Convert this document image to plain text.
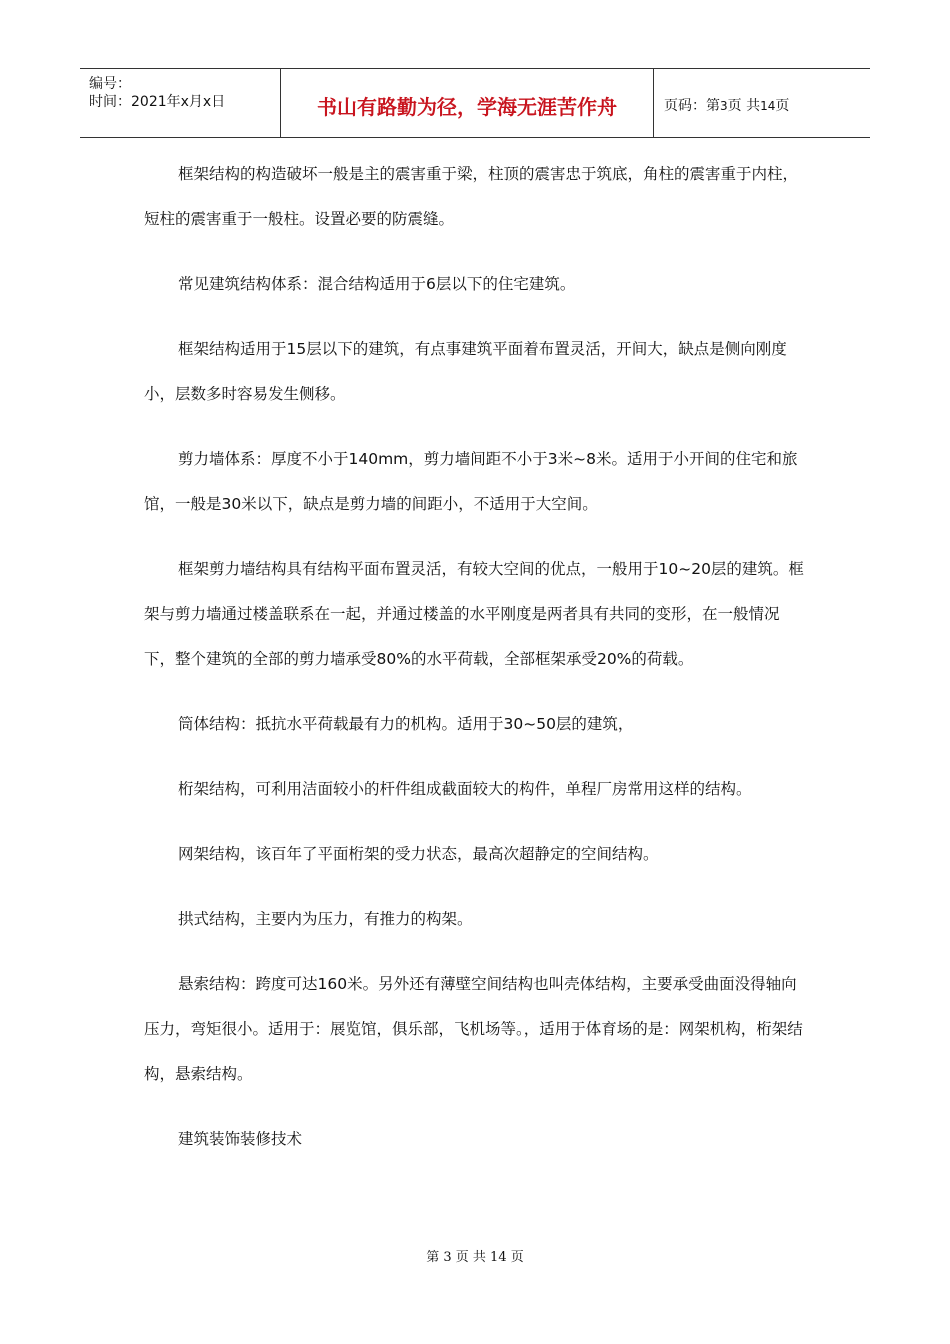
编号：
时间：2021年x月x日	书山有路勤为径，学海无涯苦作舟	页码：第3页 共14页

框架结构的构造破坏一般是主的震害重于梁，柱顶的震害忠于筑底，角柱的震害重于内柱，短柱的震害重于一般柱。设置必要的防震缝。

常见建筑结构体系：混合结构适用于6层以下的住宅建筑。

框架结构适用于15层以下的建筑，有点事建筑平面着布置灵活，开间大，缺点是侧向刚度小，层数多时容易发生侧移。

剪力墙体系：厚度不小于140mm，剪力墙间距不小于3米~8米。适用于小开间的住宅和旅馆，一般是30米以下，缺点是剪力墙的间距小，不适用于大空间。

框架剪力墙结构具有结构平面布置灵活，有较大空间的优点，一般用于10~20层的建筑。框架与剪力墙通过楼盖联系在一起，并通过楼盖的水平刚度是两者具有共同的变形，在一般情况下，整个建筑的全部的剪力墙承受80%的水平荷载，全部框架承受20%的荷载。

筒体结构：抵抗水平荷载最有力的机构。适用于30~50层的建筑，

桁架结构，可利用洁面较小的杆件组成截面较大的构件，单程厂房常用这样的结构。

网架结构，该百年了平面桁架的受力状态，最高次超静定的空间结构。

拱式结构，主要内为压力，有推力的构架。

悬索结构：跨度可达160米。另外还有薄壁空间结构也叫壳体结构，主要承受曲面没得轴向压力，弯矩很小。适用于：展览馆，俱乐部，飞机场等。，适用于体育场的是：网架机构，桁架结构，悬索结构。

建筑装饰装修技术

第 3 页 共 14 页
